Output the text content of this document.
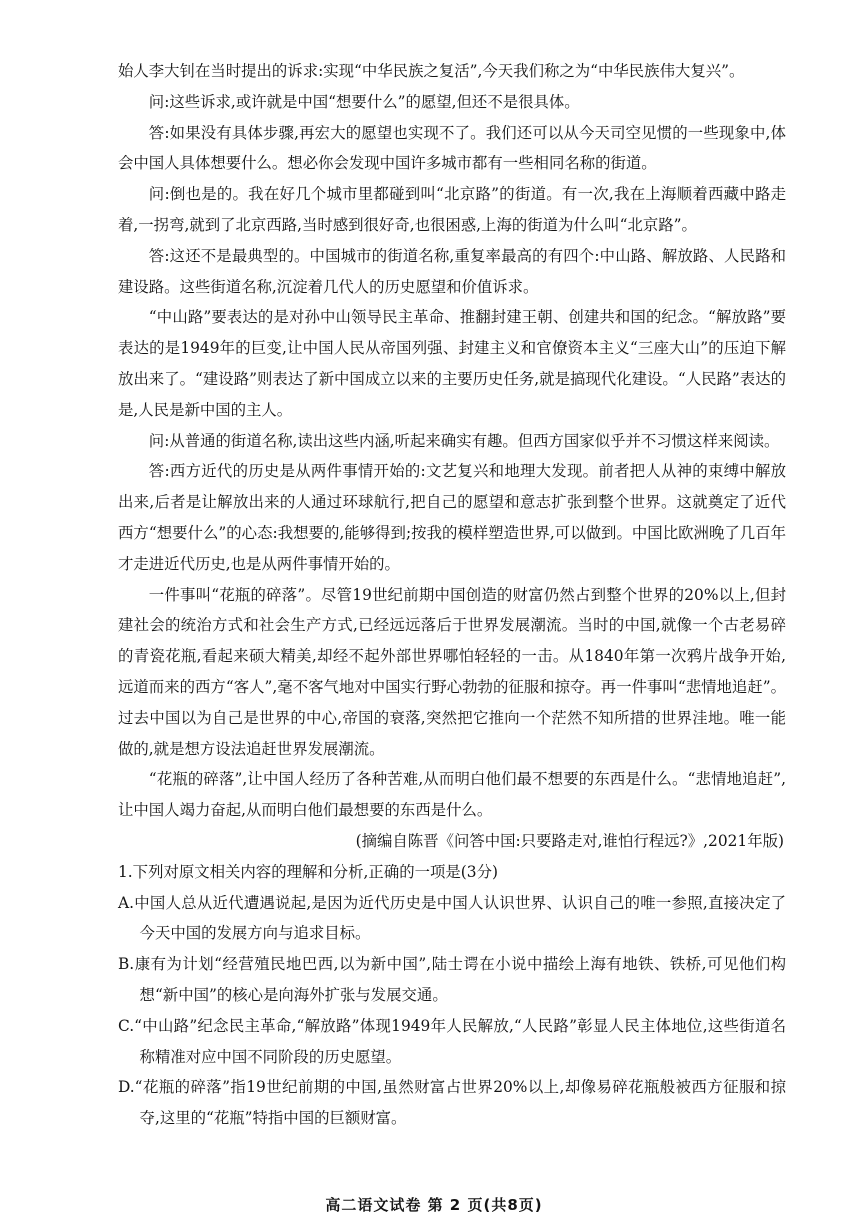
始人李大钊在当时提出的诉求:实现“中华民族之复活”,今天我们称之为“中华民族伟大复兴”。

问:这些诉求,或许就是中国“想要什么”的愿望,但还不是很具体。

答:如果没有具体步骤,再宏大的愿望也实现不了。我们还可以从今天司空见惯的一些现象中,体会中国人具体想要什么。想必你会发现中国许多城市都有一些相同名称的街道。

问:倒也是的。我在好几个城市里都碰到叫“北京路”的街道。有一次,我在上海顺着西藏中路走着,一拐弯,就到了北京西路,当时感到很好奇,也很困惑,上海的街道为什么叫“北京路”。

答:这还不是最典型的。中国城市的街道名称,重复率最高的有四个:中山路、解放路、人民路和建设路。这些街道名称,沉淀着几代人的历史愿望和价值诉求。

“中山路”要表达的是对孙中山领导民主革命、推翻封建王朝、创建共和国的纪念。“解放路”要表达的是1949年的巨变,让中国人民从帝国列强、封建主义和官僚资本主义“三座大山”的压迫下解放出来了。“建设路”则表达了新中国成立以来的主要历史任务,就是搞现代化建设。“人民路”表达的是,人民是新中国的主人。

问:从普通的街道名称,读出这些内涵,听起来确实有趣。但西方国家似乎并不习惯这样来阅读。

答:西方近代的历史是从两件事情开始的:文艺复兴和地理大发现。前者把人从神的束缚中解放出来,后者是让解放出来的人通过环球航行,把自己的愿望和意志扩张到整个世界。这就奠定了近代西方“想要什么”的心态:我想要的,能够得到;按我的模样塑造世界,可以做到。中国比欧洲晚了几百年才走进近代历史,也是从两件事情开始的。

一件事叫“花瓶的碎落”。尽管19世纪前期中国创造的财富仍然占到整个世界的20%以上,但封建社会的统治方式和社会生产方式,已经远远落后于世界发展潮流。当时的中国,就像一个古老易碎的青瓷花瓶,看起来硕大精美,却经不起外部世界哪怕轻轻的一击。从1840年第一次鸦片战争开始,远道而来的西方“客人”,毫不客气地对中国实行野心勃勃的征服和掠夺。再一件事叫“悲情地追赶”。过去中国以为自己是世界的中心,帝国的衰落,突然把它推向一个茫然不知所措的世界洼地。唯一能做的,就是想方设法追赶世界发展潮流。

“花瓶的碎落”,让中国人经历了各种苦难,从而明白他们最不想要的东西是什么。“悲情地追赶”,让中国人竭力奋起,从而明白他们最想要的东西是什么。

(摘编自陈晋《问答中国:只要路走对,谁怕行程远?》,2021年版)

1.下列对原文相关内容的理解和分析,正确的一项是(3分)

A.中国人总从近代遭遇说起,是因为近代历史是中国人认识世界、认识自己的唯一参照,直接决定了今天中国的发展方向与追求目标。

B.康有为计划“经营殖民地巴西,以为新中国”,陆士谔在小说中描绘上海有地铁、铁桥,可见他们构想“新中国”的核心是向海外扩张与发展交通。

C.“中山路”纪念民主革命,“解放路”体现1949年人民解放,“人民路”彰显人民主体地位,这些街道名称精准对应中国不同阶段的历史愿望。

D.“花瓶的碎落”指19世纪前期的中国,虽然财富占世界20%以上,却像易碎花瓶般被西方征服和掠夺,这里的“花瓶”特指中国的巨额财富。

高二语文试卷 第 2 页(共8页)
